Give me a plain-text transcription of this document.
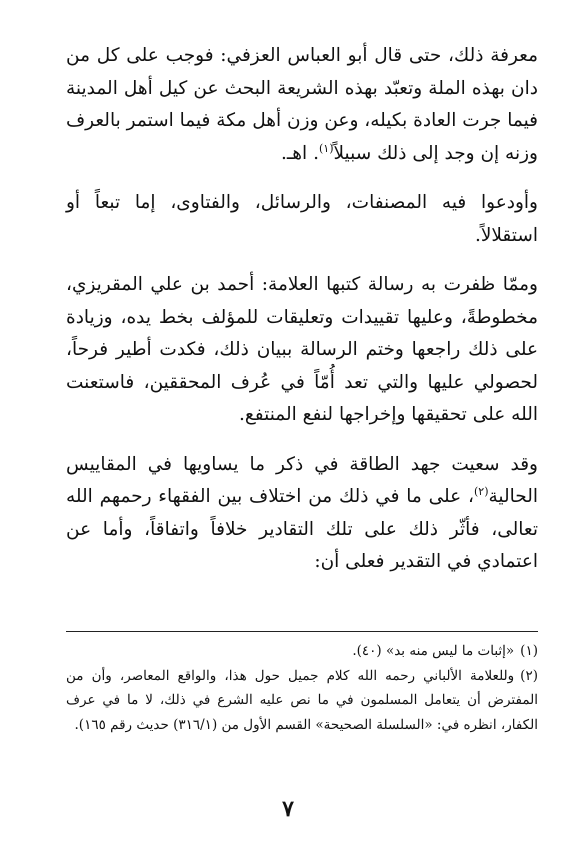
معرفة ذلك، حتى قال أبو العباس العزفي: فوجب على كل من دان بهذه الملة وتعبّد بهذه الشريعة البحث عن كيل أهل المدينة فيما جرت العادة بكيله، وعن وزن أهل مكة فيما استمر بالعرف وزنه إن وجد إلى ذلك سبيلاً$^{(١)}$. اهـ.

وأودعوا فيه المصنفات، والرسائل، والفتاوى، إما تبعاً أو استقلالاً.

وممّا ظفرت به رسالة كتبها العلامة: أحمد بن علي المقريزي، مخطوطةً، وعليها تقييدات وتعليقات للمؤلف بخط يده، وزيادة على ذلك راجعها وختم الرسالة ببيان ذلك، فكدت أطير فرحاً، لحصولي عليها والتي تعد أُمّاً في عُرف المحققين، فاستعنت الله على تحقيقها وإخراجها لنفع المنتفع.

وقد سعيت جهد الطاقة في ذكر ما يساويها في المقاييس الحالية$^{(٢)}$، على ما في ذلك من اختلاف بين الفقهاء رحمهم الله تعالى، فأثّر ذلك على تلك التقادير خلافاً واتفاقاً، وأما عن اعتمادي في التقدير فعلى أن:

(١)«إثبات ما ليس منه بد» (٤٠).

(٢)وللعلامة الألباني رحمه الله كلام جميل حول هذا، والواقع المعاصر، وأن من المفترض أن يتعامل المسلمون في ما نص عليه الشرع في ذلك، لا ما في عرف الكفار، انظره في: «السلسلة الصحيحة» القسم الأول من (٣١٦/١) حديث رقم ١٦٥).

٧
